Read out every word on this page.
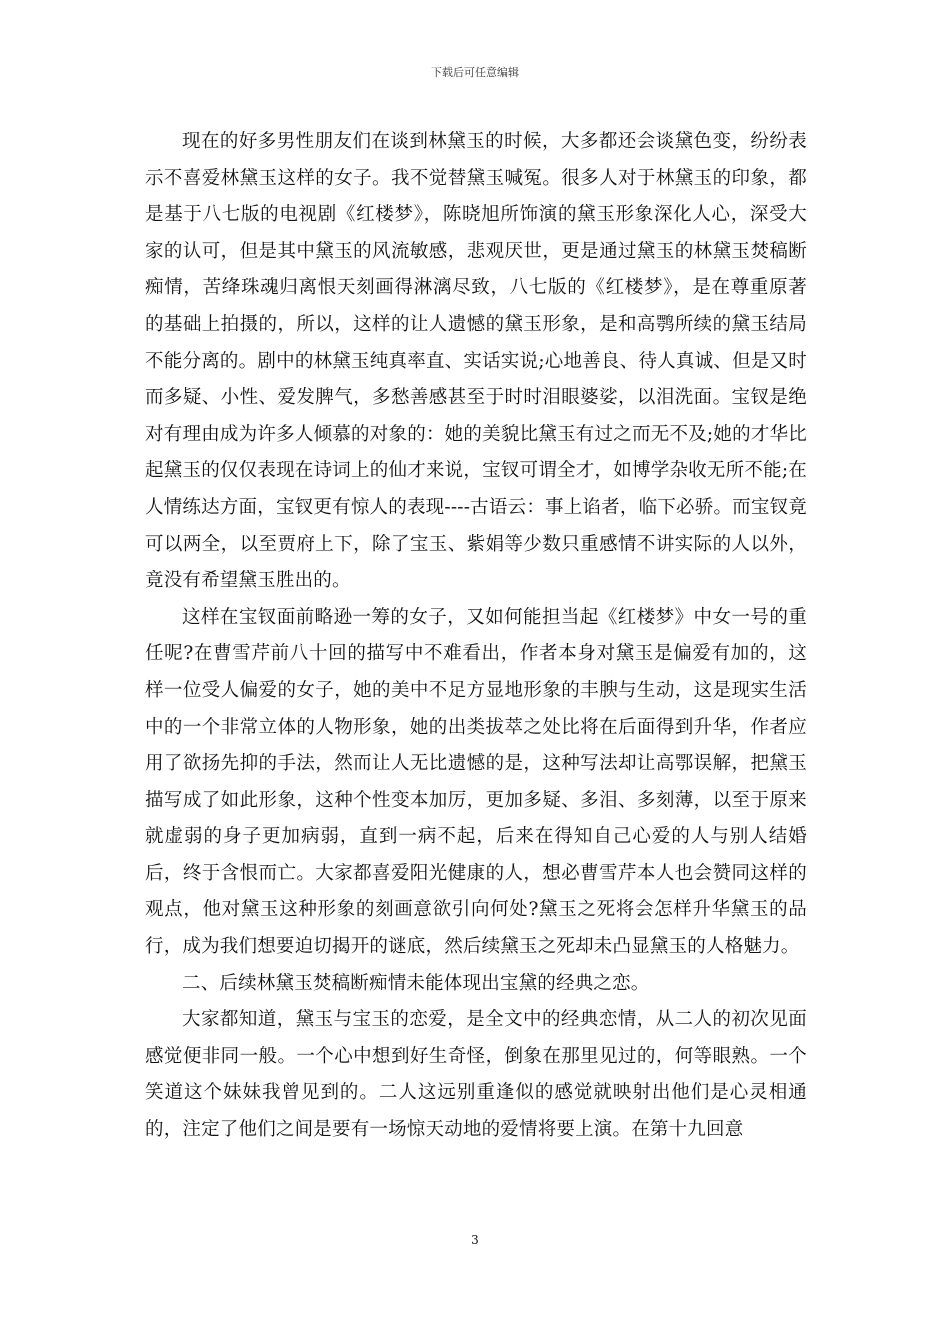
下载后可任意编辑

现在的好多男性朋友们在谈到林黛玉的时候，大多都还会谈黛色变，纷纷表示不喜爱林黛玉这样的女子。我不觉替黛玉喊冤。很多人对于林黛玉的印象，都是基于八七版的电视剧《红楼梦》，陈晓旭所饰演的黛玉形象深化人心，深受大家的认可，但是其中黛玉的风流敏感，悲观厌世，更是通过黛玉的林黛玉焚稿断痴情，苦绛珠魂归离恨天刻画得淋漓尽致，八七版的《红楼梦》，是在尊重原著的基础上拍摄的，所以，这样的让人遗憾的黛玉形象，是和高鹗所续的黛玉结局不能分离的。剧中的林黛玉纯真率直、实话实说;心地善良、待人真诚、但是又时而多疑、小性、爱发脾气，多愁善感甚至于时时泪眼婆娑，以泪洗面。宝钗是绝对有理由成为许多人倾慕的对象的：她的美貌比黛玉有过之而无不及;她的才华比起黛玉的仅仅表现在诗词上的仙才来说，宝钗可谓全才，如博学杂收无所不能;在人情练达方面，宝钗更有惊人的表现----古语云：事上谄者，临下必骄。而宝钗竟可以两全，以至贾府上下，除了宝玉、紫娟等少数只重感情不讲实际的人以外，竟没有希望黛玉胜出的。

这样在宝钗面前略逊一筹的女子，又如何能担当起《红楼梦》中女一号的重任呢?在曹雪芹前八十回的描写中不难看出，作者本身对黛玉是偏爱有加的，这样一位受人偏爱的女子，她的美中不足方显地形象的丰腴与生动，这是现实生活中的一个非常立体的人物形象，她的出类拔萃之处比将在后面得到升华，作者应用了欲扬先抑的手法，然而让人无比遗憾的是，这种写法却让高鄂误解，把黛玉描写成了如此形象，这种个性变本加厉，更加多疑、多泪、多刻薄，以至于原来就虚弱的身子更加病弱，直到一病不起，后来在得知自己心爱的人与别人结婚后，终于含恨而亡。大家都喜爱阳光健康的人，想必曹雪芹本人也会赞同这样的观点，他对黛玉这种形象的刻画意欲引向何处?黛玉之死将会怎样升华黛玉的品行，成为我们想要迫切揭开的谜底，然后续黛玉之死却未凸显黛玉的人格魅力。

二、后续林黛玉焚稿断痴情未能体现出宝黛的经典之恋。

大家都知道，黛玉与宝玉的恋爱，是全文中的经典恋情，从二人的初次见面感觉便非同一般。一个心中想到好生奇怪，倒象在那里见过的，何等眼熟。一个笑道这个妹妹我曾见到的。二人这远别重逢似的感觉就映射出他们是心灵相通的，注定了他们之间是要有一场惊天动地的爱情将要上演。在第十九回意

3
